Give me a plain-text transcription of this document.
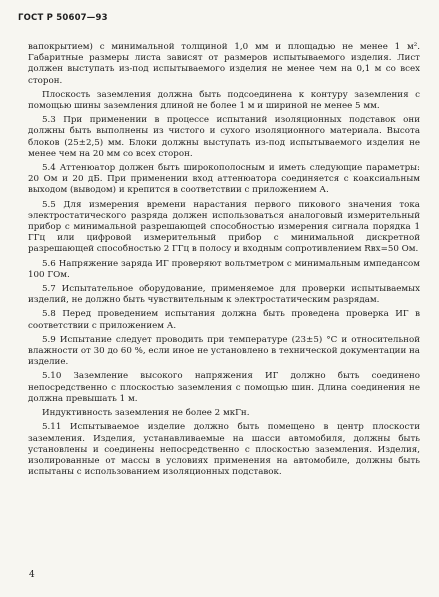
ГОСТ Р 50607—93

вапокрытием) с минимальной толщиной 1,0 мм и площадью не менее 1 м². Габаритные размеры листа зависят от размеров испытываемого изделия. Лист должен выступать из-под испытываемого изделия не менее чем на 0,1 м со всех сторон.

Плоскость заземления должна быть подсоединена к контуру заземления с помощью шины заземления длиной не более 1 м и шириной не менее 5 мм.

5.3 При применении в процессе испытаний изоляционных подставок они должны быть выполнены из чистого и сухого изоляционного материала. Высота блоков (25±2,5) мм. Блоки должны выступать из-под испытываемого изделия не менее чем на 20 мм со всех сторон.

5.4 Аттенюатор должен быть широкополосным и иметь следующие параметры: 20 Ом и 20 дБ. При применении вход аттенюатора соединяется с коаксиальным выходом (выводом) и крепится в соответствии с приложением А.

5.5 Для измерения времени нарастания первого пикового значения тока электростатического разряда должен использоваться аналоговый измерительный прибор с минимальной разрешающей способностью измерения сигнала порядка 1 ГГц или цифровой измерительный прибор с минимальной дискретной разрешающей способностью 2 ГГц в полосу и входным сопротивлением Rвх=50 Ом.

5.6 Напряжение заряда ИГ проверяют вольтметром с минимальным импедансом 100 ГОм.

5.7 Испытательное оборудование, применяемое для проверки испытываемых изделий, не должно быть чувствительным к электростатическим разрядам.

5.8 Перед проведением испытания должна быть проведена проверка ИГ в соответствии с приложением А.

5.9 Испытание следует проводить при температуре (23±5) °С и относительной влажности от 30 до 60 %, если иное не установлено в технической документации на изделие.

5.10 Заземление высокого напряжения ИГ должно быть соединено непосредственно с плоскостью заземления с помощью шин. Длина соединения не должна превышать 1 м.

Индуктивность заземления не более 2 мкГн.

5.11 Испытываемое изделие должно быть помещено в центр плоскости заземления. Изделия, устанавливаемые на шасси автомобиля, должны быть установлены и соединены непосредственно с плоскостью заземления. Изделия, изолированные от массы в условиях применения на автомобиле, должны быть испытаны с использованием изоляционных подставок.

4
